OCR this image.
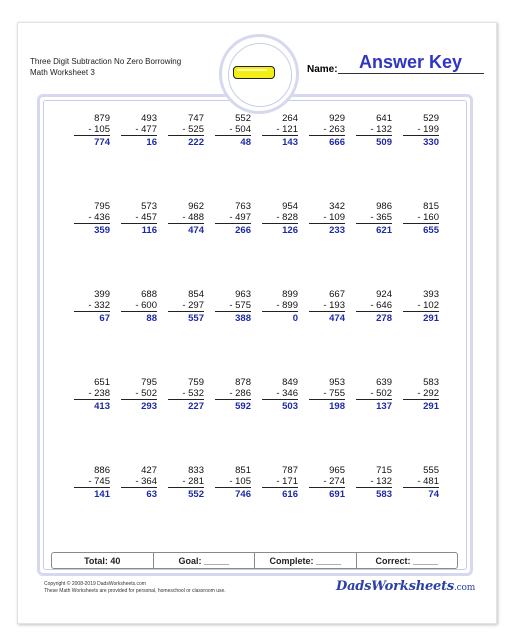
Three Digit Subtraction No Zero Borrowing
Math Worksheet 3	Name: Answer Key
879
- 105
774
493
- 477
16
747
- 525
222
552
- 504
48
264
- 121
143
929
- 263
666
641
- 132
509
529
- 199
330
795
- 436
359
573
- 457
116
962
- 488
474
763
- 497
266
954
- 828
126
342
- 109
233
986
- 365
621
815
- 160
655
399
- 332
67
688
- 600
88
854
- 297
557
963
- 575
388
899
- 899
0
667
- 193
474
924
- 646
278
393
- 102
291
651
- 238
413
795
- 502
293
759
- 532
227
878
- 286
592
849
- 346
503
953
- 755
198
639
- 502
137
583
- 292
291
886
- 745
141
427
- 364
63
833
- 281
552
851
- 105
746
787
- 171
616
965
- 274
691
715
- 132
583
555
- 481
74
Total: 40	Goal: _____	Complete: _____	Correct: _____
Copyright © 2008-2019 DadsWorksheets.com
These Math Worksheets are provided for personal, homeschool or classroom use.	DadsWorksheets.com
